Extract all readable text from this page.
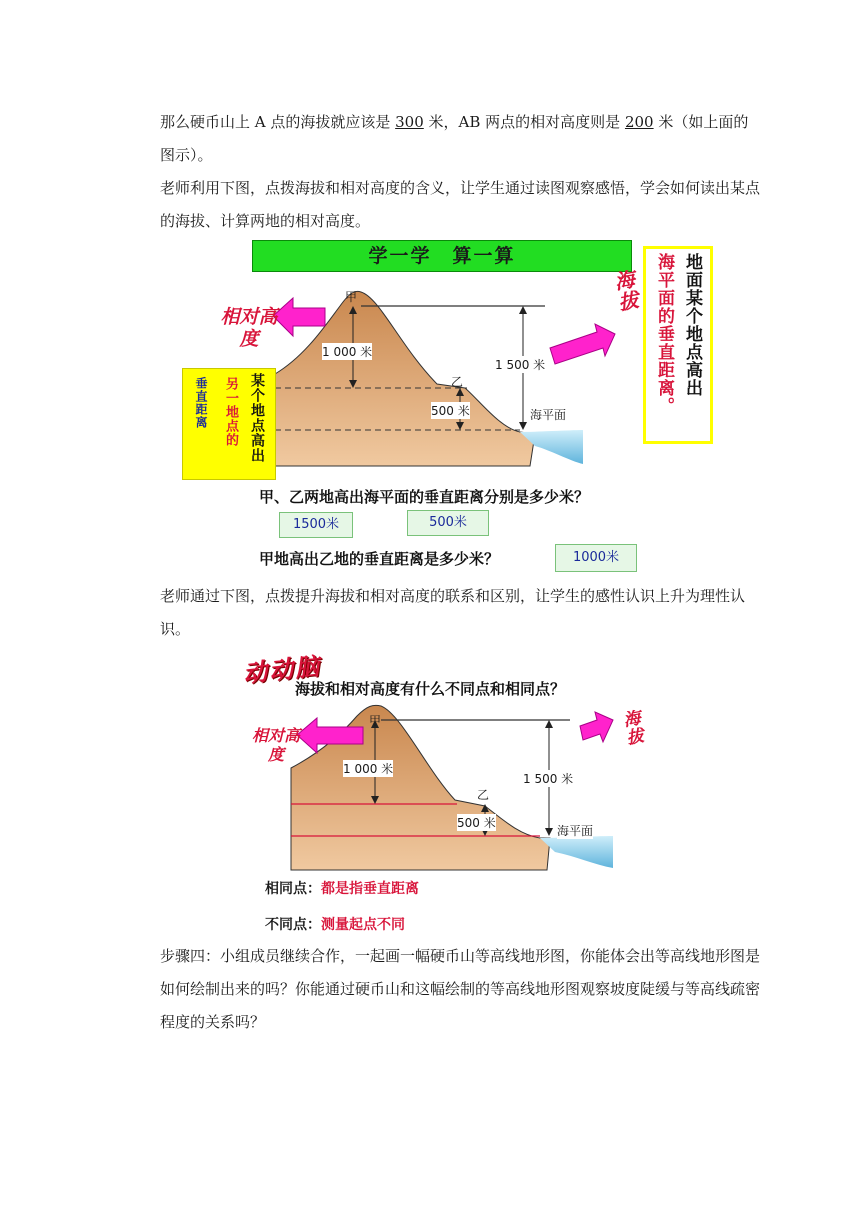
那么硬币山上 A 点的海拔就应该是 300 米，AB 两点的相对高度则是 200 米（如上面的图示）。

老师利用下图，点拨海拔和相对高度的含义，让学生通过读图观察感悟，学会如何读出某点的海拔、计算两地的相对高度。

学一学　算一算
甲
乙
海平面
1 000 米
500 米
1 500 米
相对高度
海拔
垂直距离 另一地点的 某个地点高出
海平面的垂直距离。 地面某个地点高出
甲、乙两地高出海平面的垂直距离分别是多少米？
1500米	500米
甲地高出乙地的垂直距离是多少米？	1000米

老师通过下图，点拨提升海拔和相对高度的联系和区别，让学生的感性认识上升为理性认识。

动动脑
海拔和相对高度有什么不同点和相同点？
甲
乙
海平面
1 000 米
500 米
1 500 米
相对高度
海拔
相同点：都是指垂直距离
不同点：测量起点不同

步骤四：小组成员继续合作，一起画一幅硬币山等高线地形图，你能体会出等高线地形图是如何绘制出来的吗？你能通过硬币山和这幅绘制的等高线地形图观察坡度陡缓与等高线疏密程度的关系吗？
